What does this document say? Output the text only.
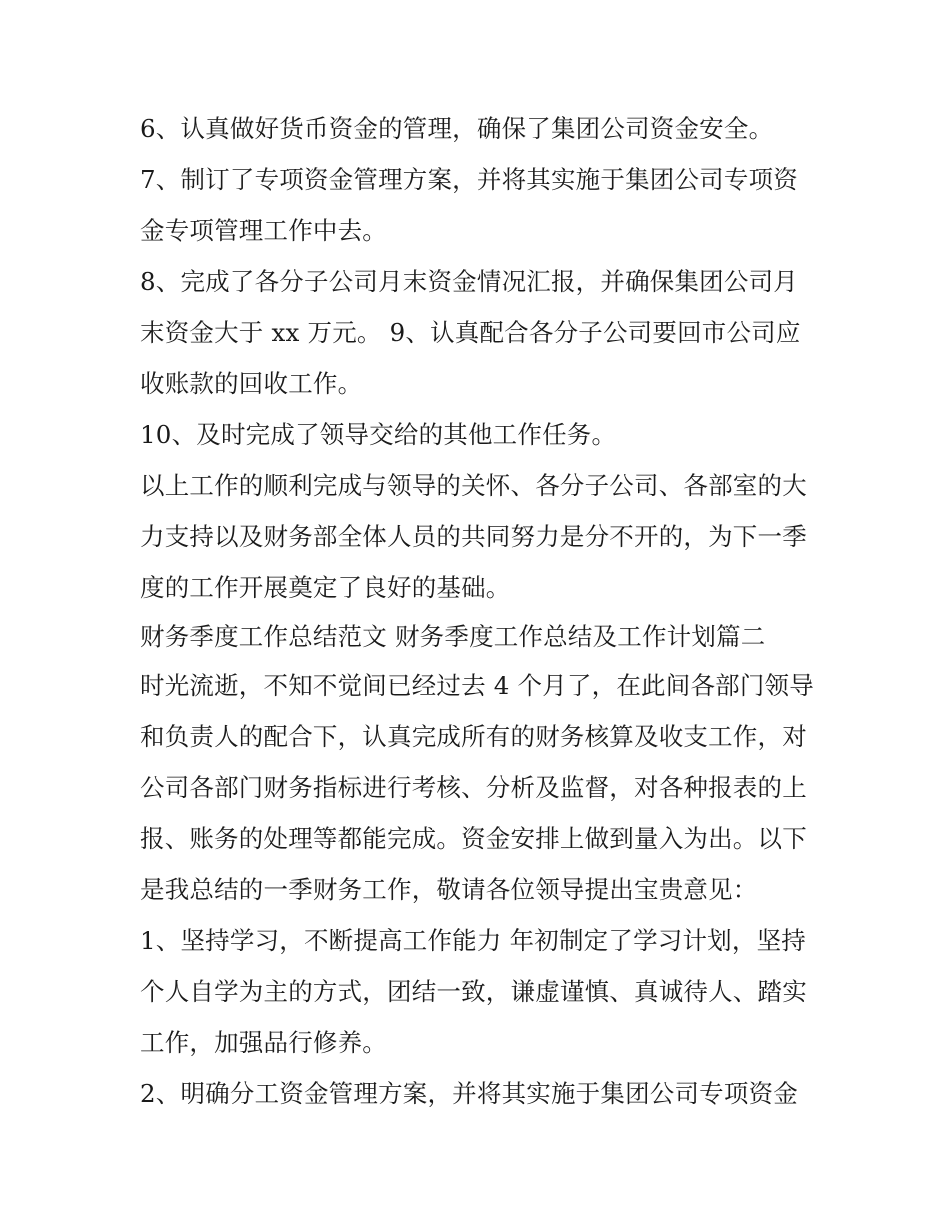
6、认真做好货币资金的管理，确保了集团公司资金安全。

7、制订了专项资金管理方案，并将其实施于集团公司专项资

金专项管理工作中去。

8、完成了各分子公司月末资金情况汇报，并确保集团公司月

末资金大于 xx 万元。 9、认真配合各分子公司要回市公司应

收账款的回收工作。

10、及时完成了领导交给的其他工作任务。

以上工作的顺利完成与领导的关怀、各分子公司、各部室的大

力支持以及财务部全体人员的共同努力是分不开的，为下一季

度的工作开展奠定了良好的基础。

财务季度工作总结范文 财务季度工作总结及工作计划篇二

时光流逝，不知不觉间已经过去 4 个月了，在此间各部门领导

和负责人的配合下，认真完成所有的财务核算及收支工作，对

公司各部门财务指标进行考核、分析及监督，对各种报表的上

报、账务的处理等都能完成。资金安排上做到量入为出。以下

是我总结的一季财务工作，敬请各位领导提出宝贵意见：

1、坚持学习，不断提高工作能力 年初制定了学习计划，坚持

个人自学为主的方式，团结一致，谦虚谨慎、真诚待人、踏实

工作，加强品行修养。

2、明确分工资金管理方案，并将其实施于集团公司专项资金
